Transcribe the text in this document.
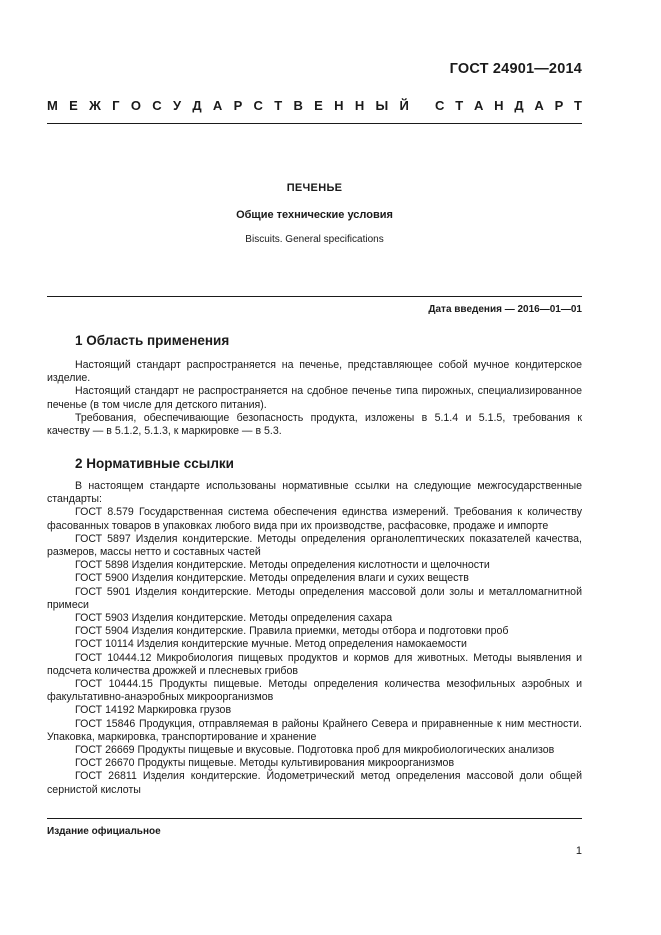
ГОСТ 24901—2014
М Е Ж Г О С У Д А Р С Т В Е Н Н Ы Й С Т А Н Д А Р Т
ПЕЧЕНЬЕ
Общие технические условия
Biscuits. General specifications
Дата введения — 2016—01—01
1 Область применения

Настоящий стандарт распространяется на печенье, представляющее собой мучное кондитерское изделие.

Настоящий стандарт не распространяется на сдобное печенье типа пирожных, специализированное печенье (в том числе для детского питания).

Требования, обеспечивающие безопасность продукта, изложены в 5.1.4 и 5.1.5, требования к качеству — в 5.1.2, 5.1.3, к маркировке — в 5.3.

2 Нормативные ссылки

В настоящем стандарте использованы нормативные ссылки на следующие межгосударственные стандарты:

ГОСТ 8.579 Государственная система обеспечения единства измерений. Требования к количеству фасованных товаров в упаковках любого вида при их производстве, расфасовке, продаже и импорте

ГОСТ 5897 Изделия кондитерские. Методы определения органолептических показателей качества, размеров, массы нетто и составных частей

ГОСТ 5898 Изделия кондитерские. Методы определения кислотности и щелочности

ГОСТ 5900 Изделия кондитерские. Методы определения влаги и сухих веществ

ГОСТ 5901 Изделия кондитерские. Методы определения массовой доли золы и металломагнитной примеси

ГОСТ 5903 Изделия кондитерские. Методы определения сахара

ГОСТ 5904 Изделия кондитерские. Правила приемки, методы отбора и подготовки проб

ГОСТ 10114 Изделия кондитерские мучные. Метод определения намокаемости

ГОСТ 10444.12 Микробиология пищевых продуктов и кормов для животных. Методы выявления и подсчета количества дрожжей и плесневых грибов

ГОСТ 10444.15 Продукты пищевые. Методы определения количества мезофильных аэробных и факультативно-анаэробных микроорганизмов

ГОСТ 14192 Маркировка грузов

ГОСТ 15846 Продукция, отправляемая в районы Крайнего Севера и приравненные к ним местности. Упаковка, маркировка, транспортирование и хранение

ГОСТ 26669 Продукты пищевые и вкусовые. Подготовка проб для микробиологических анализов

ГОСТ 26670 Продукты пищевые. Методы культивирования микроорганизмов

ГОСТ 26811 Изделия кондитерские. Йодометрический метод определения массовой доли общей сернистой кислоты

Издание официальное
1
